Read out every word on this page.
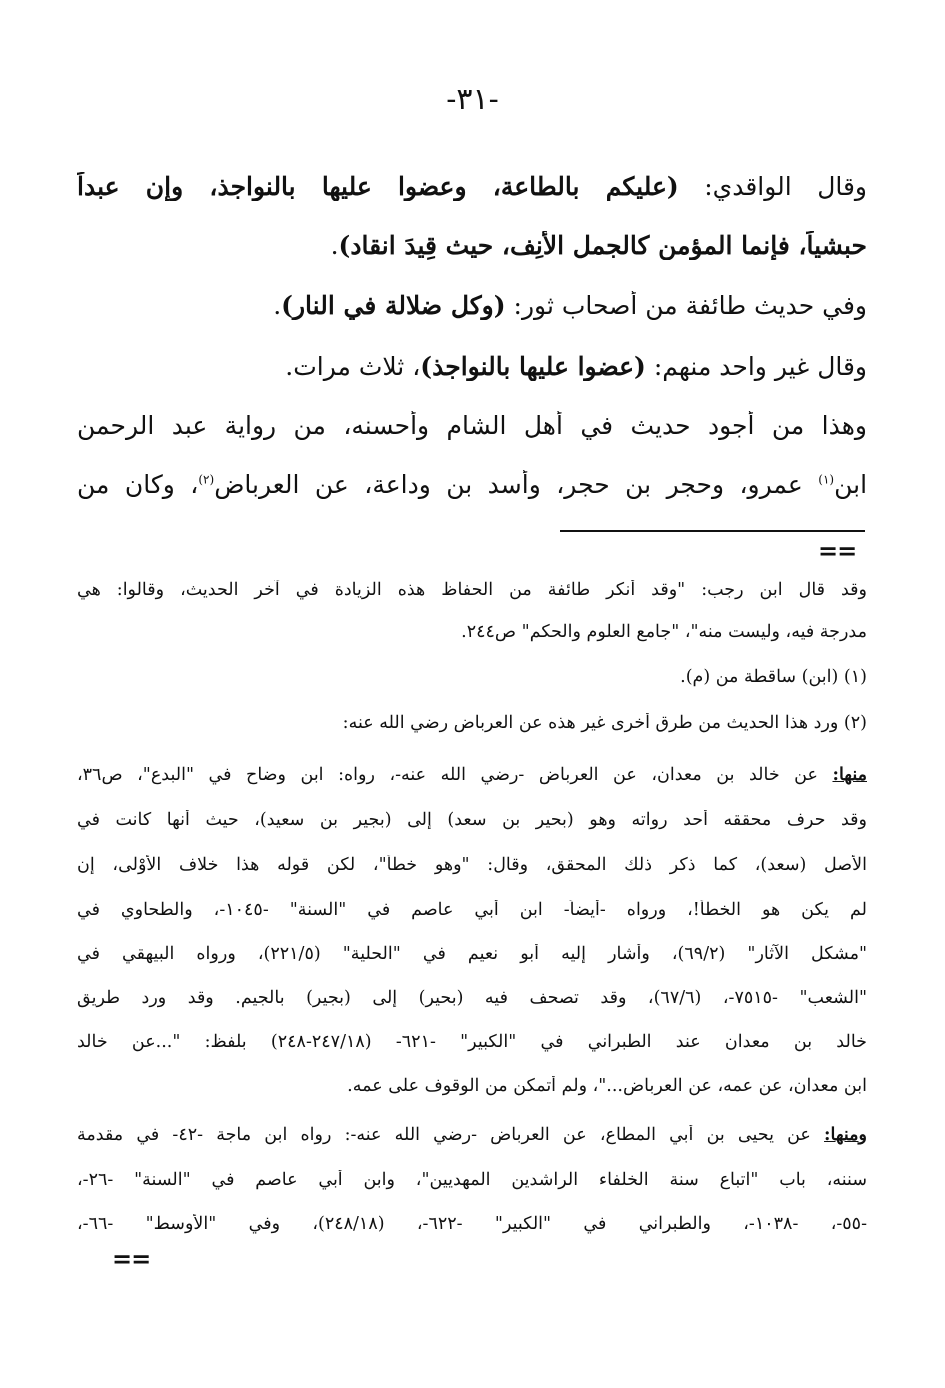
-٣١-
وقال الواقدي: (عليكم بالطاعة، وعضوا عليها بالنواجذ، وإن عبداً
حبشياً، فإنما المؤمن كالجمل الأنِف، حيث قِيدَ انقاد).
وفي حديث طائفة من أصحاب ثور: (وكل ضلالة في النار).
وقال غير واحد منهم: (عضوا عليها بالنواجذ)، ثلاث مرات.
وهذا من أجود حديث في أهل الشام وأحسنه، من رواية عبد الرحمن
ابن$^{(١)}$ عمرو، وحجر بن حجر، وأسد بن وداعة، عن العرباض$^{(٢)}$، وكان من
==
وقد قال ابن رجب: "وقد أنكر طائفة من الحفاظ هذه الزيادة في آخر الحديث، وقالوا: هي
مدرجة فيه، وليست منه"، "جامع العلوم والحكم" ص٢٤٤.
(١) (ابن) ساقطة من (م).
(٢) ورد هذا الحديث من طرق أخرى غير هذه عن العرباض رضي الله عنه:
منها: عن خالد بن معدان، عن العرباض -رضي الله عنه-، رواه: ابن وضاح في "البدع"، ص٣٦،
وقد حرف محققه أحد رواته وهو (بحير بن سعد) إلى (بجير بن سعيد)، حيث أنها كانت في
الأصل (سعد)، كما ذكر ذلك المحقق، وقال: "وهو خطأ"، لكن قوله هذا خلاف الأَوْلى، إن
لم يكن هو الخطأ!، ورواه -أيضاً- ابن أبي عاصم في "السنة" -١٠٤٥-، والطحاوي في
"مشكل الآثار" (٦٩/٢)، وأشار إليه أبو نعيم في "الحلية" (٢٢١/٥)، ورواه البيهقي في
"الشعب" -٧٥١٥-، (٦٧/٦)، وقد تصحف فيه (بحير) إلى (بجير) بالجيم. وقد ورد طريق
خالد بن معدان عند الطبراني في "الكبير" -٦٢١- (٢٤٧/١٨-٢٤٨) بلفظ: "...عن خالد
ابن معدان، عن عمه، عن العرباض..."، ولم أتمكن من الوقوف على عمه.
ومنها: عن يحيى بن أبي المطاع، عن العرباض -رضي الله عنه-: رواه ابن ماجة -٤٢- في مقدمة
سننه، باب "اتباع سنة الخلفاء الراشدين المهديين"، وابن أبي عاصم في "السنة" -٢٦-،
-٥٥-، -١٠٣٨-، والطبراني في "الكبير" -٦٢٢-، (٢٤٨/١٨)، وفي "الأوسط" -٦٦-،
==
